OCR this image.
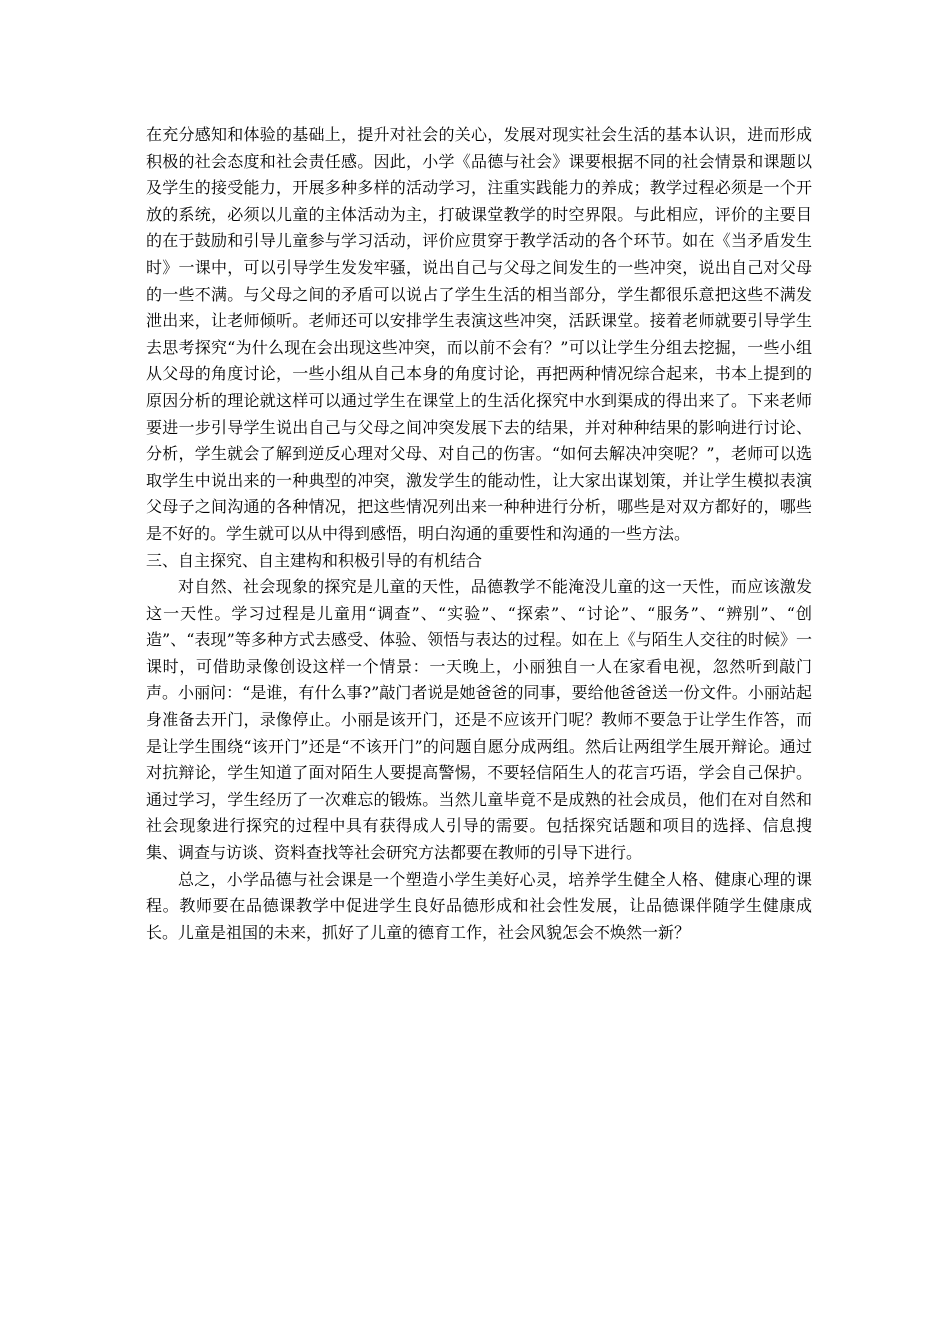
在充分感知和体验的基础上，提升对社会的关心，发展对现实社会生活的基本认识，进而形成积极的社会态度和社会责任感。因此，小学《品德与社会》课要根据不同的社会情景和课题以及学生的接受能力，开展多种多样的活动学习，注重实践能力的养成；教学过程必须是一个开放的系统，必须以儿童的主体活动为主，打破课堂教学的时空界限。与此相应，评价的主要目的在于鼓励和引导儿童参与学习活动，评价应贯穿于教学活动的各个环节。如在《当矛盾发生时》一课中，可以引导学生发发牢骚，说出自己与父母之间发生的一些冲突，说出自己对父母的一些不满。与父母之间的矛盾可以说占了学生生活的相当部分，学生都很乐意把这些不满发泄出来，让老师倾听。老师还可以安排学生表演这些冲突，活跃课堂。接着老师就要引导学生去思考探究“为什么现在会出现这些冲突，而以前不会有？”可以让学生分组去挖掘，一些小组从父母的角度讨论，一些小组从自己本身的角度讨论，再把两种情况综合起来，书本上提到的原因分析的理论就这样可以通过学生在课堂上的生活化探究中水到渠成的得出来了。下来老师要进一步引导学生说出自己与父母之间冲突发展下去的结果，并对种种结果的影响进行讨论、分析，学生就会了解到逆反心理对父母、对自己的伤害。“如何去解决冲突呢？”，老师可以选取学生中说出来的一种典型的冲突，激发学生的能动性，让大家出谋划策，并让学生模拟表演父母子之间沟通的各种情况，把这些情况列出来一种种进行分析，哪些是对双方都好的，哪些是不好的。学生就可以从中得到感悟，明白沟通的重要性和沟通的一些方法。

三、自主探究、自主建构和积极引导的有机结合

对自然、社会现象的探究是儿童的天性，品德教学不能淹没儿童的这一天性，而应该激发这一天性。学习过程是儿童用“调查”、“实验”、“探索”、“讨论”、“服务”、“辨别”、“创造”、“表现”等多种方式去感受、体验、领悟与表达的过程。如在上《与陌生人交往的时候》一课时，可借助录像创设这样一个情景：一天晚上，小丽独自一人在家看电视，忽然听到敲门声。小丽问：“是谁，有什么事?”敲门者说是她爸爸的同事，要给他爸爸送一份文件。小丽站起身准备去开门，录像停止。小丽是该开门，还是不应该开门呢？教师不要急于让学生作答，而是让学生围绕“该开门”还是“不该开门”的问题自愿分成两组。然后让两组学生展开辩论。通过对抗辩论，学生知道了面对陌生人要提高警惕，不要轻信陌生人的花言巧语，学会自己保护。通过学习，学生经历了一次难忘的锻炼。当然儿童毕竟不是成熟的社会成员，他们在对自然和社会现象进行探究的过程中具有获得成人引导的需要。包括探究话题和项目的选择、信息搜集、调查与访谈、资料查找等社会研究方法都要在教师的引导下进行。

总之，小学品德与社会课是一个塑造小学生美好心灵，培养学生健全人格、健康心理的课程。教师要在品德课教学中促进学生良好品德形成和社会性发展，让品德课伴随学生健康成长。儿童是祖国的未来，抓好了儿童的德育工作，社会风貌怎会不焕然一新？
